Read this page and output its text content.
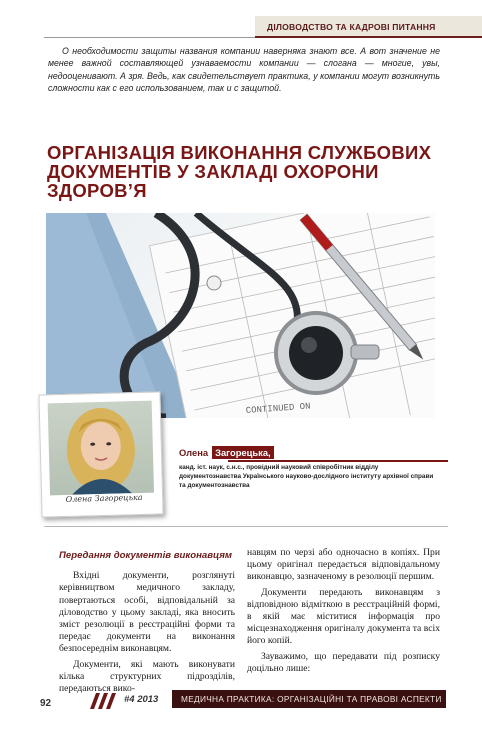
ДІЛОВОДСТВО ТА КАДРОВІ ПИТАННЯ
О необходимости защиты названия компании наверняка знают все. А вот значение не менее важной составляющей узнаваемости компании — слогана — многие, увы, недооценивают. А зря. Ведь, как свидетельствует практика, у компании могут возникнуть сложности как с его использованием, так и с защитой.
ОРГАНІЗАЦІЯ ВИКОНАННЯ СЛУЖБОВИХ ДОКУМЕНТІВ У ЗАКЛАДІ ОХОРОНИ ЗДОРОВ’Я
CONTINUED ON
Олена Загорецька
Олена Загорецька,
канд. іст. наук, с.н.с., провідний науковий співробітник відділу документознавства Українського науково-дослідного інституту архівної справи та документознавства
Передання документів виконавцям

Вхідні документи, розглянуті керівництвом медичного закладу, повертаються особі, відповідальній за діловодство у цьому закладі, яка вносить зміст резолюції в реєстраційні форми та передає документи на виконання безпосереднім виконавцям.

Документи, які мають виконувати кілька структурних підрозділів, передаються вико-

навцям по черзі або одночасно в копіях. При цьому оригінал передається відповідальному виконавцю, зазначеному в резолюції першим.

Документи передають виконавцям з відповідною відміткою в реєстраційній формі, в якій має міститися інформація про місцезнаходження оригіналу документа та всіх його копій.

Зауважимо, що передавати під розписку доцільно лише:

92	#4 2013	МЕДИЧНА ПРАКТИКА: ОРГАНІЗАЦІЙНІ ТА ПРАВОВІ АСПЕКТИ
